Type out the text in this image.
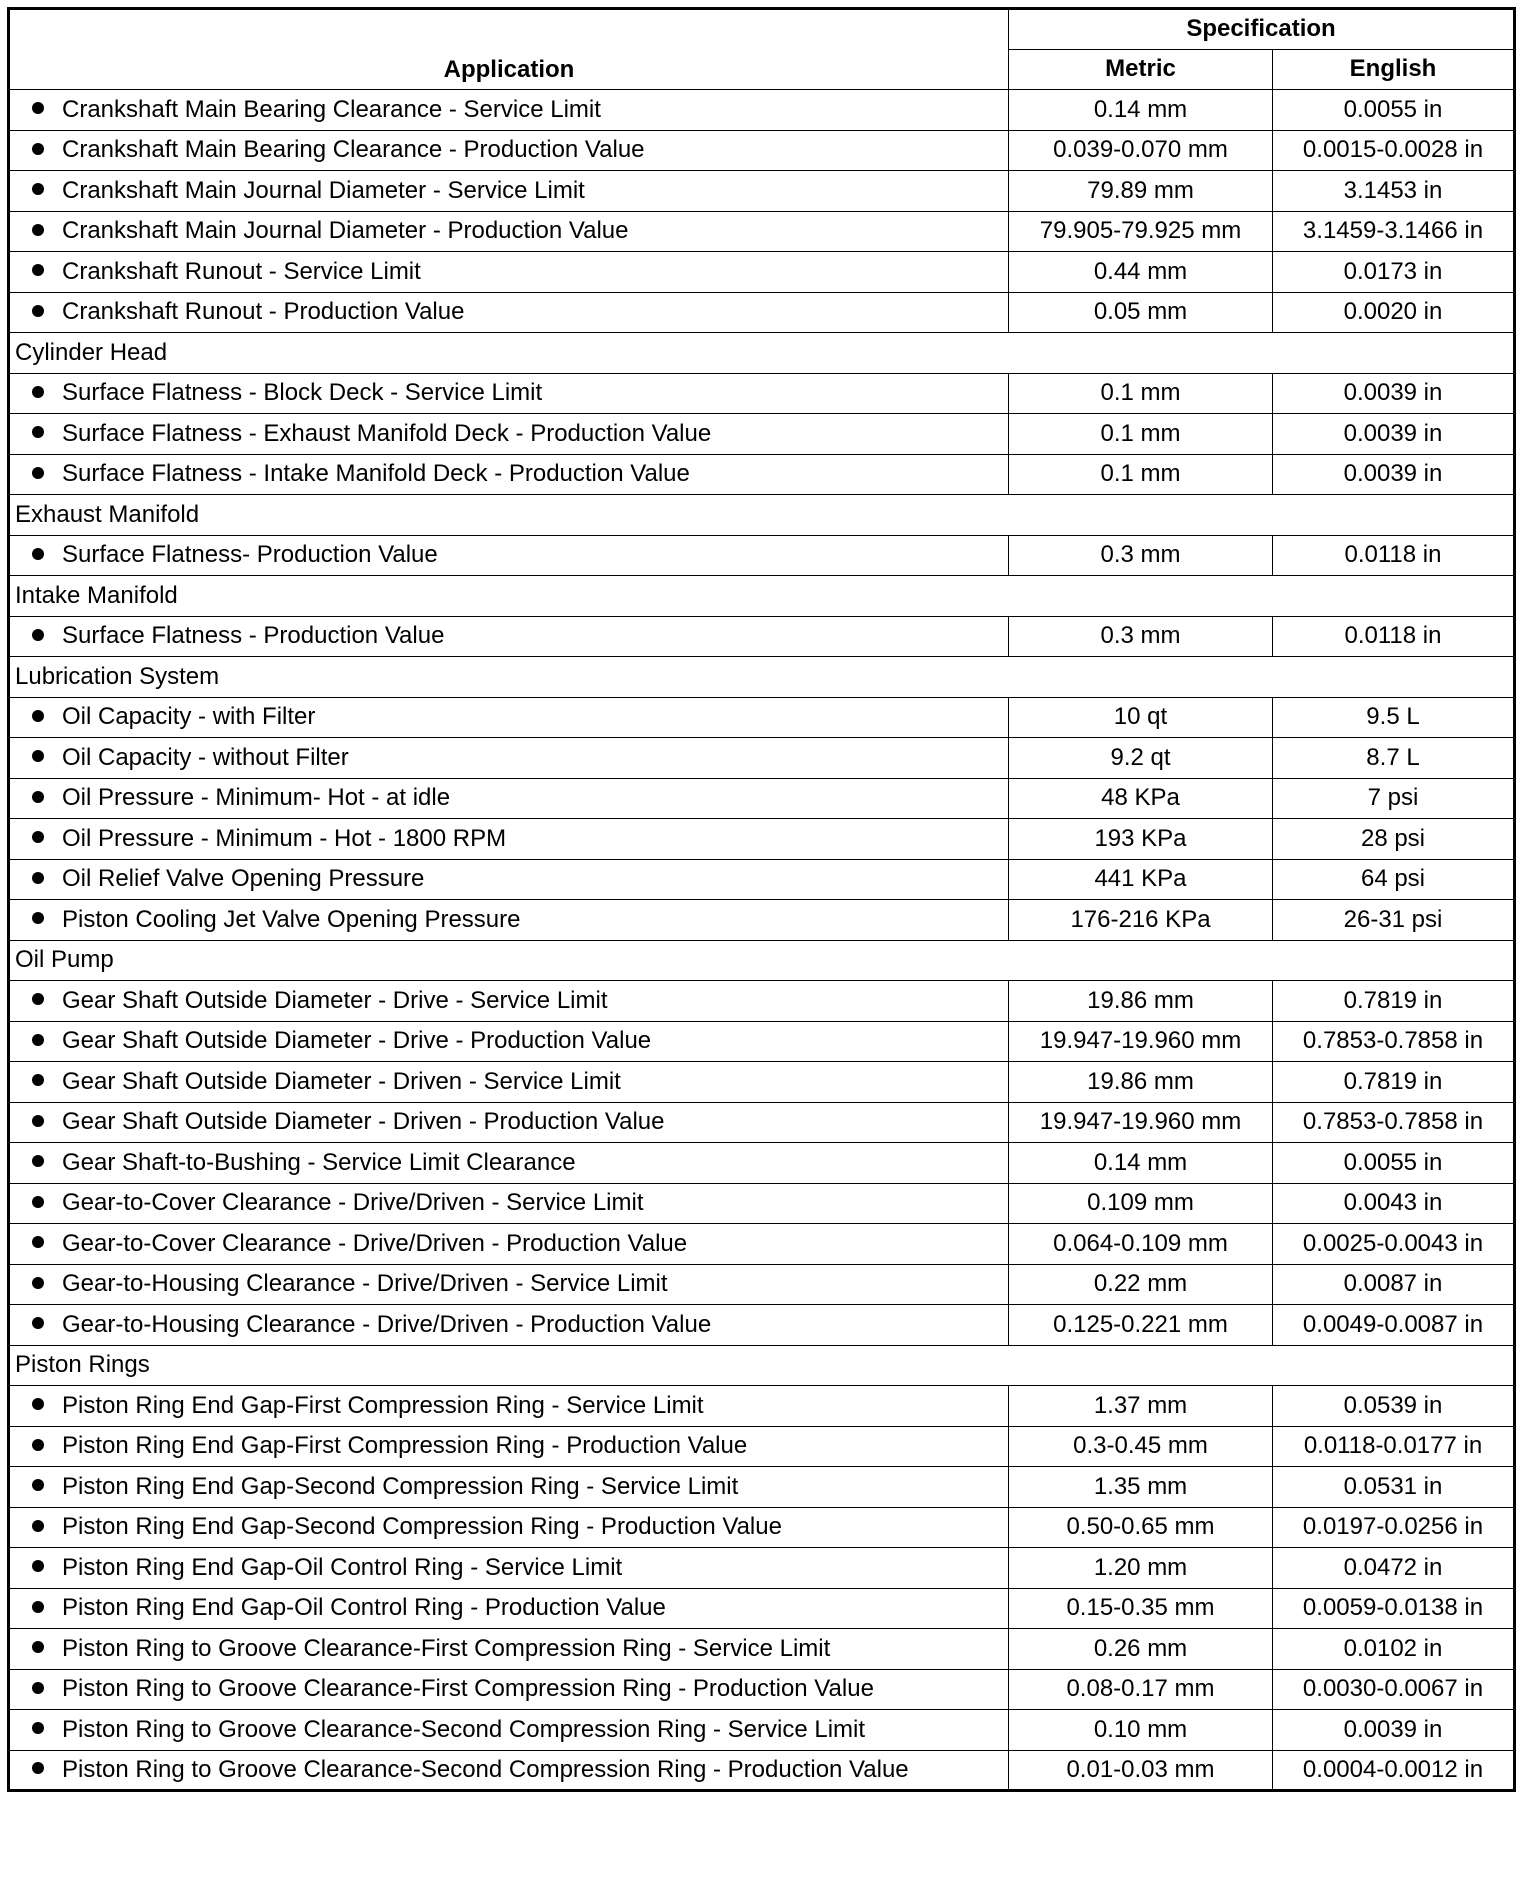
Application	Specification	
	Metric	English
Crankshaft Main Bearing Clearance - Service Limit	0.14 mm	0.0055 in
Crankshaft Main Bearing Clearance - Production Value	0.039-0.070 mm	0.0015-0.0028 in
Crankshaft Main Journal Diameter - Service Limit	79.89 mm	3.1453 in
Crankshaft Main Journal Diameter - Production Value	79.905-79.925 mm	3.1459-3.1466 in
Crankshaft Runout - Service Limit	0.44 mm	0.0173 in
Crankshaft Runout - Production Value	0.05 mm	0.0020 in
Cylinder Head		
Surface Flatness - Block Deck - Service Limit	0.1 mm	0.0039 in
Surface Flatness - Exhaust Manifold Deck - Production Value	0.1 mm	0.0039 in
Surface Flatness - Intake Manifold Deck - Production Value	0.1 mm	0.0039 in
Exhaust Manifold		
Surface Flatness- Production Value	0.3 mm	0.0118 in
Intake Manifold		
Surface Flatness - Production Value	0.3 mm	0.0118 in
Lubrication System		
Oil Capacity - with Filter	10 qt	9.5 L
Oil Capacity - without Filter	9.2 qt	8.7 L
Oil Pressure - Minimum- Hot - at idle	48 KPa	7 psi
Oil Pressure - Minimum - Hot - 1800 RPM	193 KPa	28 psi
Oil Relief Valve Opening Pressure	441 KPa	64 psi
Piston Cooling Jet Valve Opening Pressure	176-216 KPa	26-31 psi
Oil Pump		
Gear Shaft Outside Diameter - Drive - Service Limit	19.86 mm	0.7819 in
Gear Shaft Outside Diameter - Drive - Production Value	19.947-19.960 mm	0.7853-0.7858 in
Gear Shaft Outside Diameter - Driven - Service Limit	19.86 mm	0.7819 in
Gear Shaft Outside Diameter - Driven - Production Value	19.947-19.960 mm	0.7853-0.7858 in
Gear Shaft-to-Bushing - Service Limit Clearance	0.14 mm	0.0055 in
Gear-to-Cover Clearance - Drive/Driven - Service Limit	0.109 mm	0.0043 in
Gear-to-Cover Clearance - Drive/Driven - Production Value	0.064-0.109 mm	0.0025-0.0043 in
Gear-to-Housing Clearance - Drive/Driven - Service Limit	0.22 mm	0.0087 in
Gear-to-Housing Clearance - Drive/Driven - Production Value	0.125-0.221 mm	0.0049-0.0087 in
Piston Rings		
Piston Ring End Gap-First Compression Ring - Service Limit	1.37 mm	0.0539 in
Piston Ring End Gap-First Compression Ring - Production Value	0.3-0.45 mm	0.0118-0.0177 in
Piston Ring End Gap-Second Compression Ring - Service Limit	1.35 mm	0.0531 in
Piston Ring End Gap-Second Compression Ring - Production Value	0.50-0.65 mm	0.0197-0.0256 in
Piston Ring End Gap-Oil Control Ring - Service Limit	1.20 mm	0.0472 in
Piston Ring End Gap-Oil Control Ring - Production Value	0.15-0.35 mm	0.0059-0.0138 in
Piston Ring to Groove Clearance-First Compression Ring - Service Limit	0.26 mm	0.0102 in
Piston Ring to Groove Clearance-First Compression Ring - Production Value	0.08-0.17 mm	0.0030-0.0067 in
Piston Ring to Groove Clearance-Second Compression Ring - Service Limit	0.10 mm	0.0039 in
Piston Ring to Groove Clearance-Second Compression Ring - Production Value	0.01-0.03 mm	0.0004-0.0012 in
